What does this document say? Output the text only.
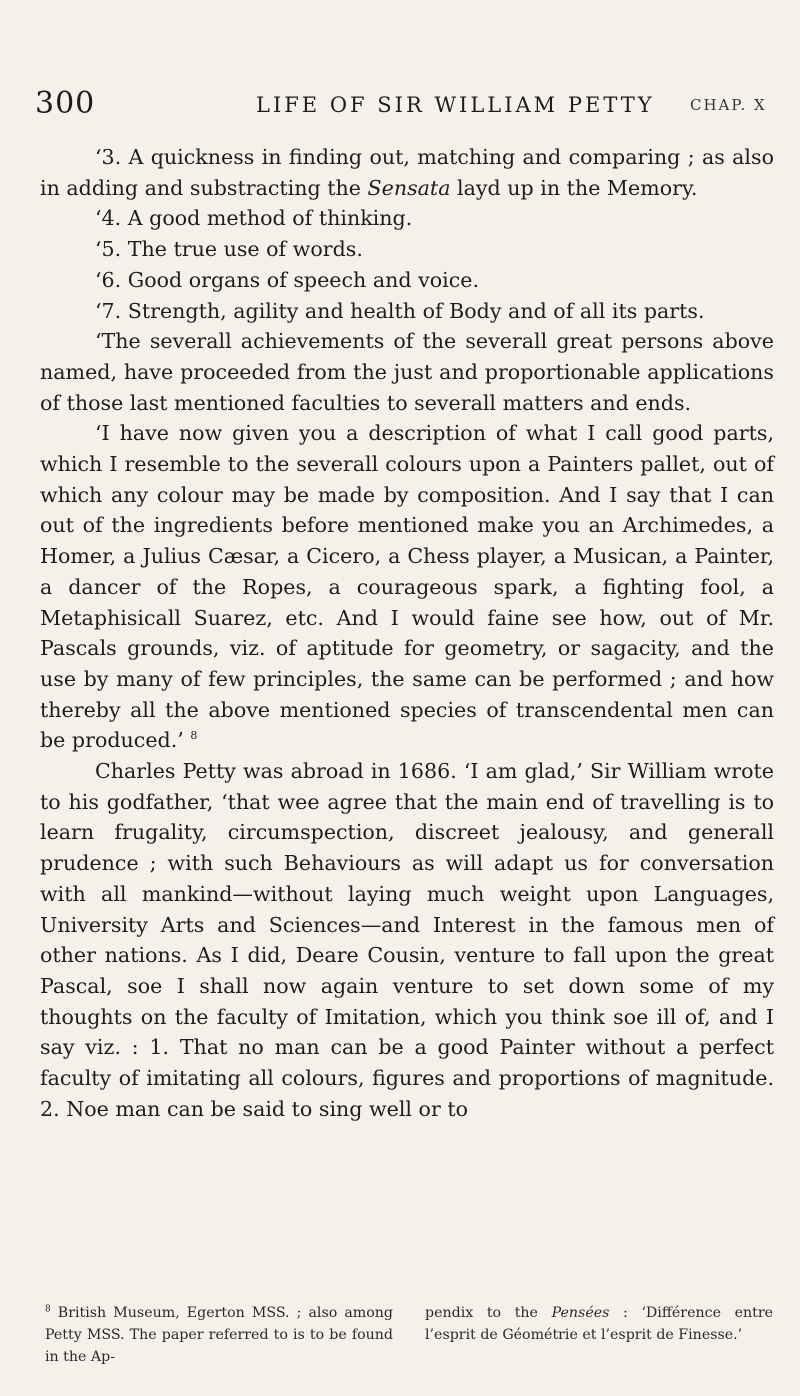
300	LIFE OF SIR WILLIAM PETTY CHAP. X

‘3. A quickness in finding out, matching and comparing ; as also in adding and substracting the Sensata layd up in the Memory.

‘4. A good method of thinking.

‘5. The true use of words.

‘6. Good organs of speech and voice.

‘7. Strength, agility and health of Body and of all its parts.

‘The severall achievements of the severall great persons above named, have proceeded from the just and proportionable applications of those last mentioned faculties to severall matters and ends.

‘I have now given you a description of what I call good parts, which I resemble to the severall colours upon a Painters pallet, out of which any colour may be made by composition. And I say that I can out of the ingredients before mentioned make you an Archimedes, a Homer, a Julius Cæsar, a Cicero, a Chess player, a Musican, a Painter, a dancer of the Ropes, a courageous spark, a fighting fool, a Metaphisicall Suarez, etc. And I would faine see how, out of Mr. Pascals grounds, viz. of aptitude for geometry, or sagacity, and the use by many of few principles, the same can be performed ; and how thereby all the above mentioned species of transcendental men can be produced.’ $^8$

Charles Petty was abroad in 1686. ‘I am glad,’ Sir William wrote to his godfather, ‘that wee agree that the main end of travelling is to learn frugality, circumspection, discreet jealousy, and generall prudence ; with such Behaviours as will adapt us for conversation with all mankind—without laying much weight upon Languages, University Arts and Sciences—and Interest in the famous men of other nations. As I did, Deare Cousin, venture to fall upon the great Pascal, soe I shall now again venture to set down some of my thoughts on the faculty of Imitation, which you think soe ill of, and I say viz. : 1. That no man can be a good Painter without a perfect faculty of imitating all colours, figures and proportions of magnitude. 2. Noe man can be said to sing well or to

$^8$ British Museum, Egerton MSS. ; also among Petty MSS. The paper referred to is to be found in the Ap-
pendix to the Pensées : ‘Différence entre l’esprit de Géométrie et l’esprit de Finesse.’
